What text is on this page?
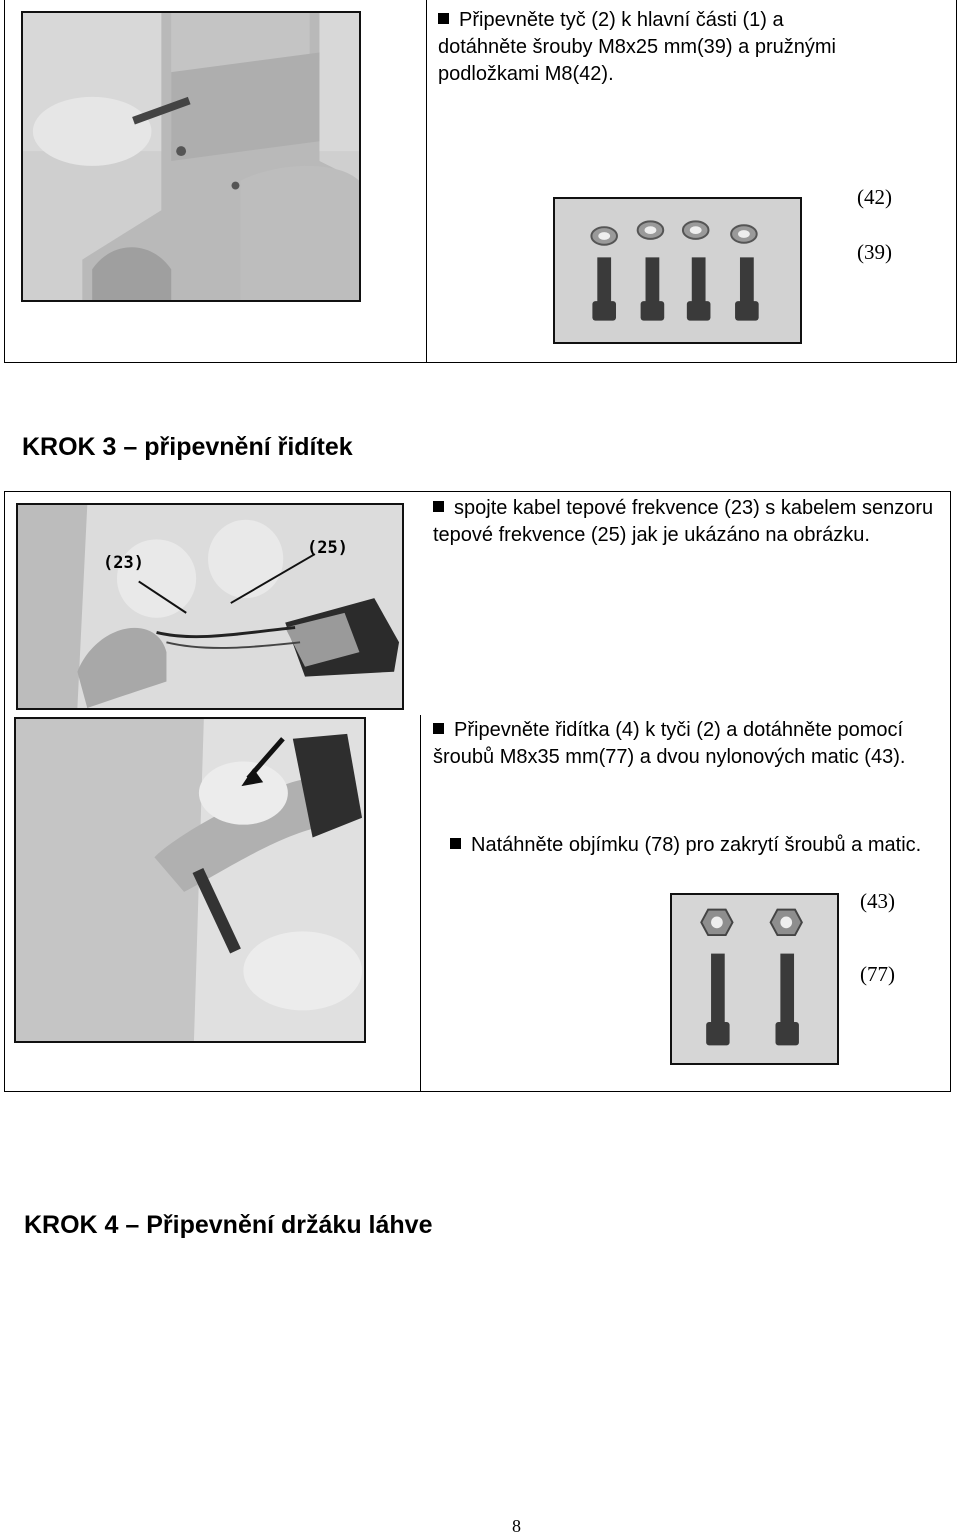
Připevněte tyč (2) k hlavní části (1) a dotáhněte šrouby M8x25 mm(39) a pružnými podložkami M8(42).
(42)
(39)
KROK 3 – připevnění řidítek
(23)
(25)
spojte kabel tepové frekvence (23) s kabelem senzoru tepové frekvence (25) jak je ukázáno na obrázku.
Připevněte řidítka (4) k tyči (2) a dotáhněte pomocí šroubů M8x35 mm(77) a dvou nylonových matic (43).
Natáhněte objímku (78) pro zakrytí šroubů a matic.
(43)
(77)
KROK 4 – Připevnění držáku láhve
8
